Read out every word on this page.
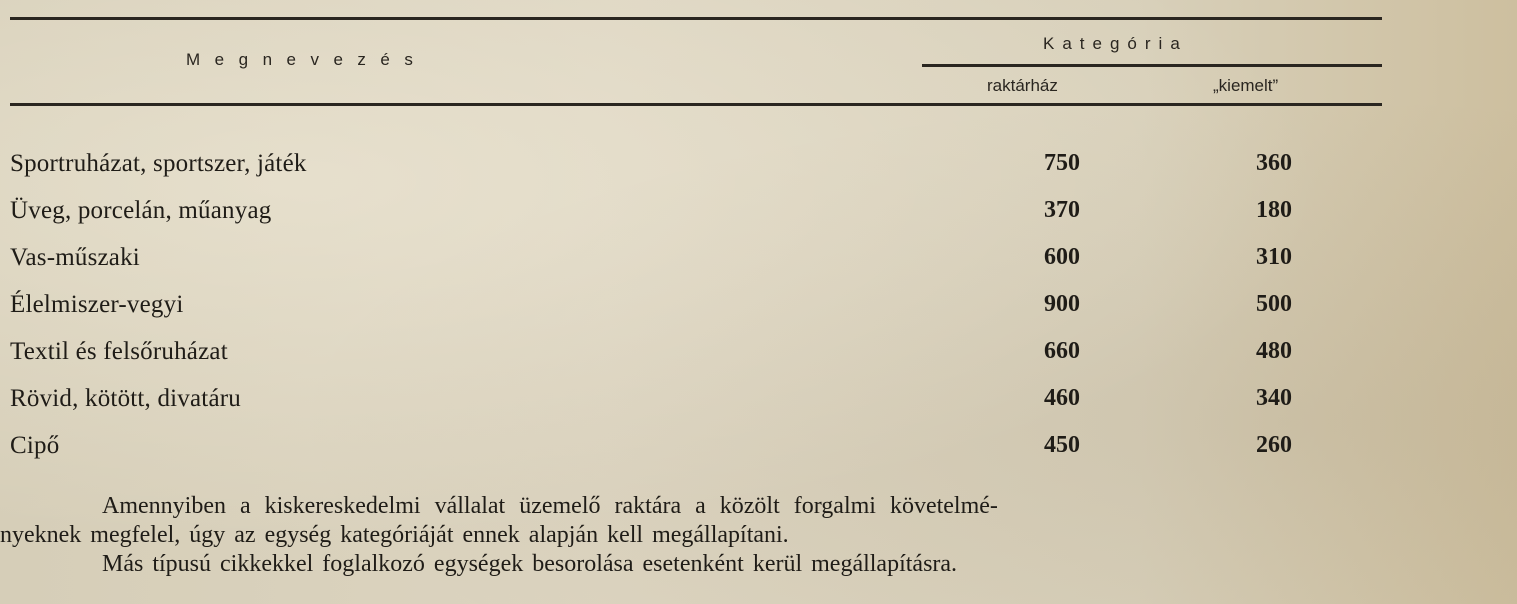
Megnevezés
Kategória
raktárház	„kiemelt”
Sportruházat, sportszer, játék	750	360
Üveg, porcelán, műanyag	370	180
Vas-műszaki	600	310
Élelmiszer-vegyi	900	500
Textil és felsőruházat	660	480
Rövid, kötött, divatáru	460	340
Cipő	450	260
Amennyiben a kiskereskedelmi vállalat üzemelő raktára a közölt forgalmi követelmé-
nyeknek megfelel, úgy az egység kategóriáját ennek alapján kell megállapítani.
Más típusú cikkekkel foglalkozó egységek besorolása esetenként kerül megállapításra.
